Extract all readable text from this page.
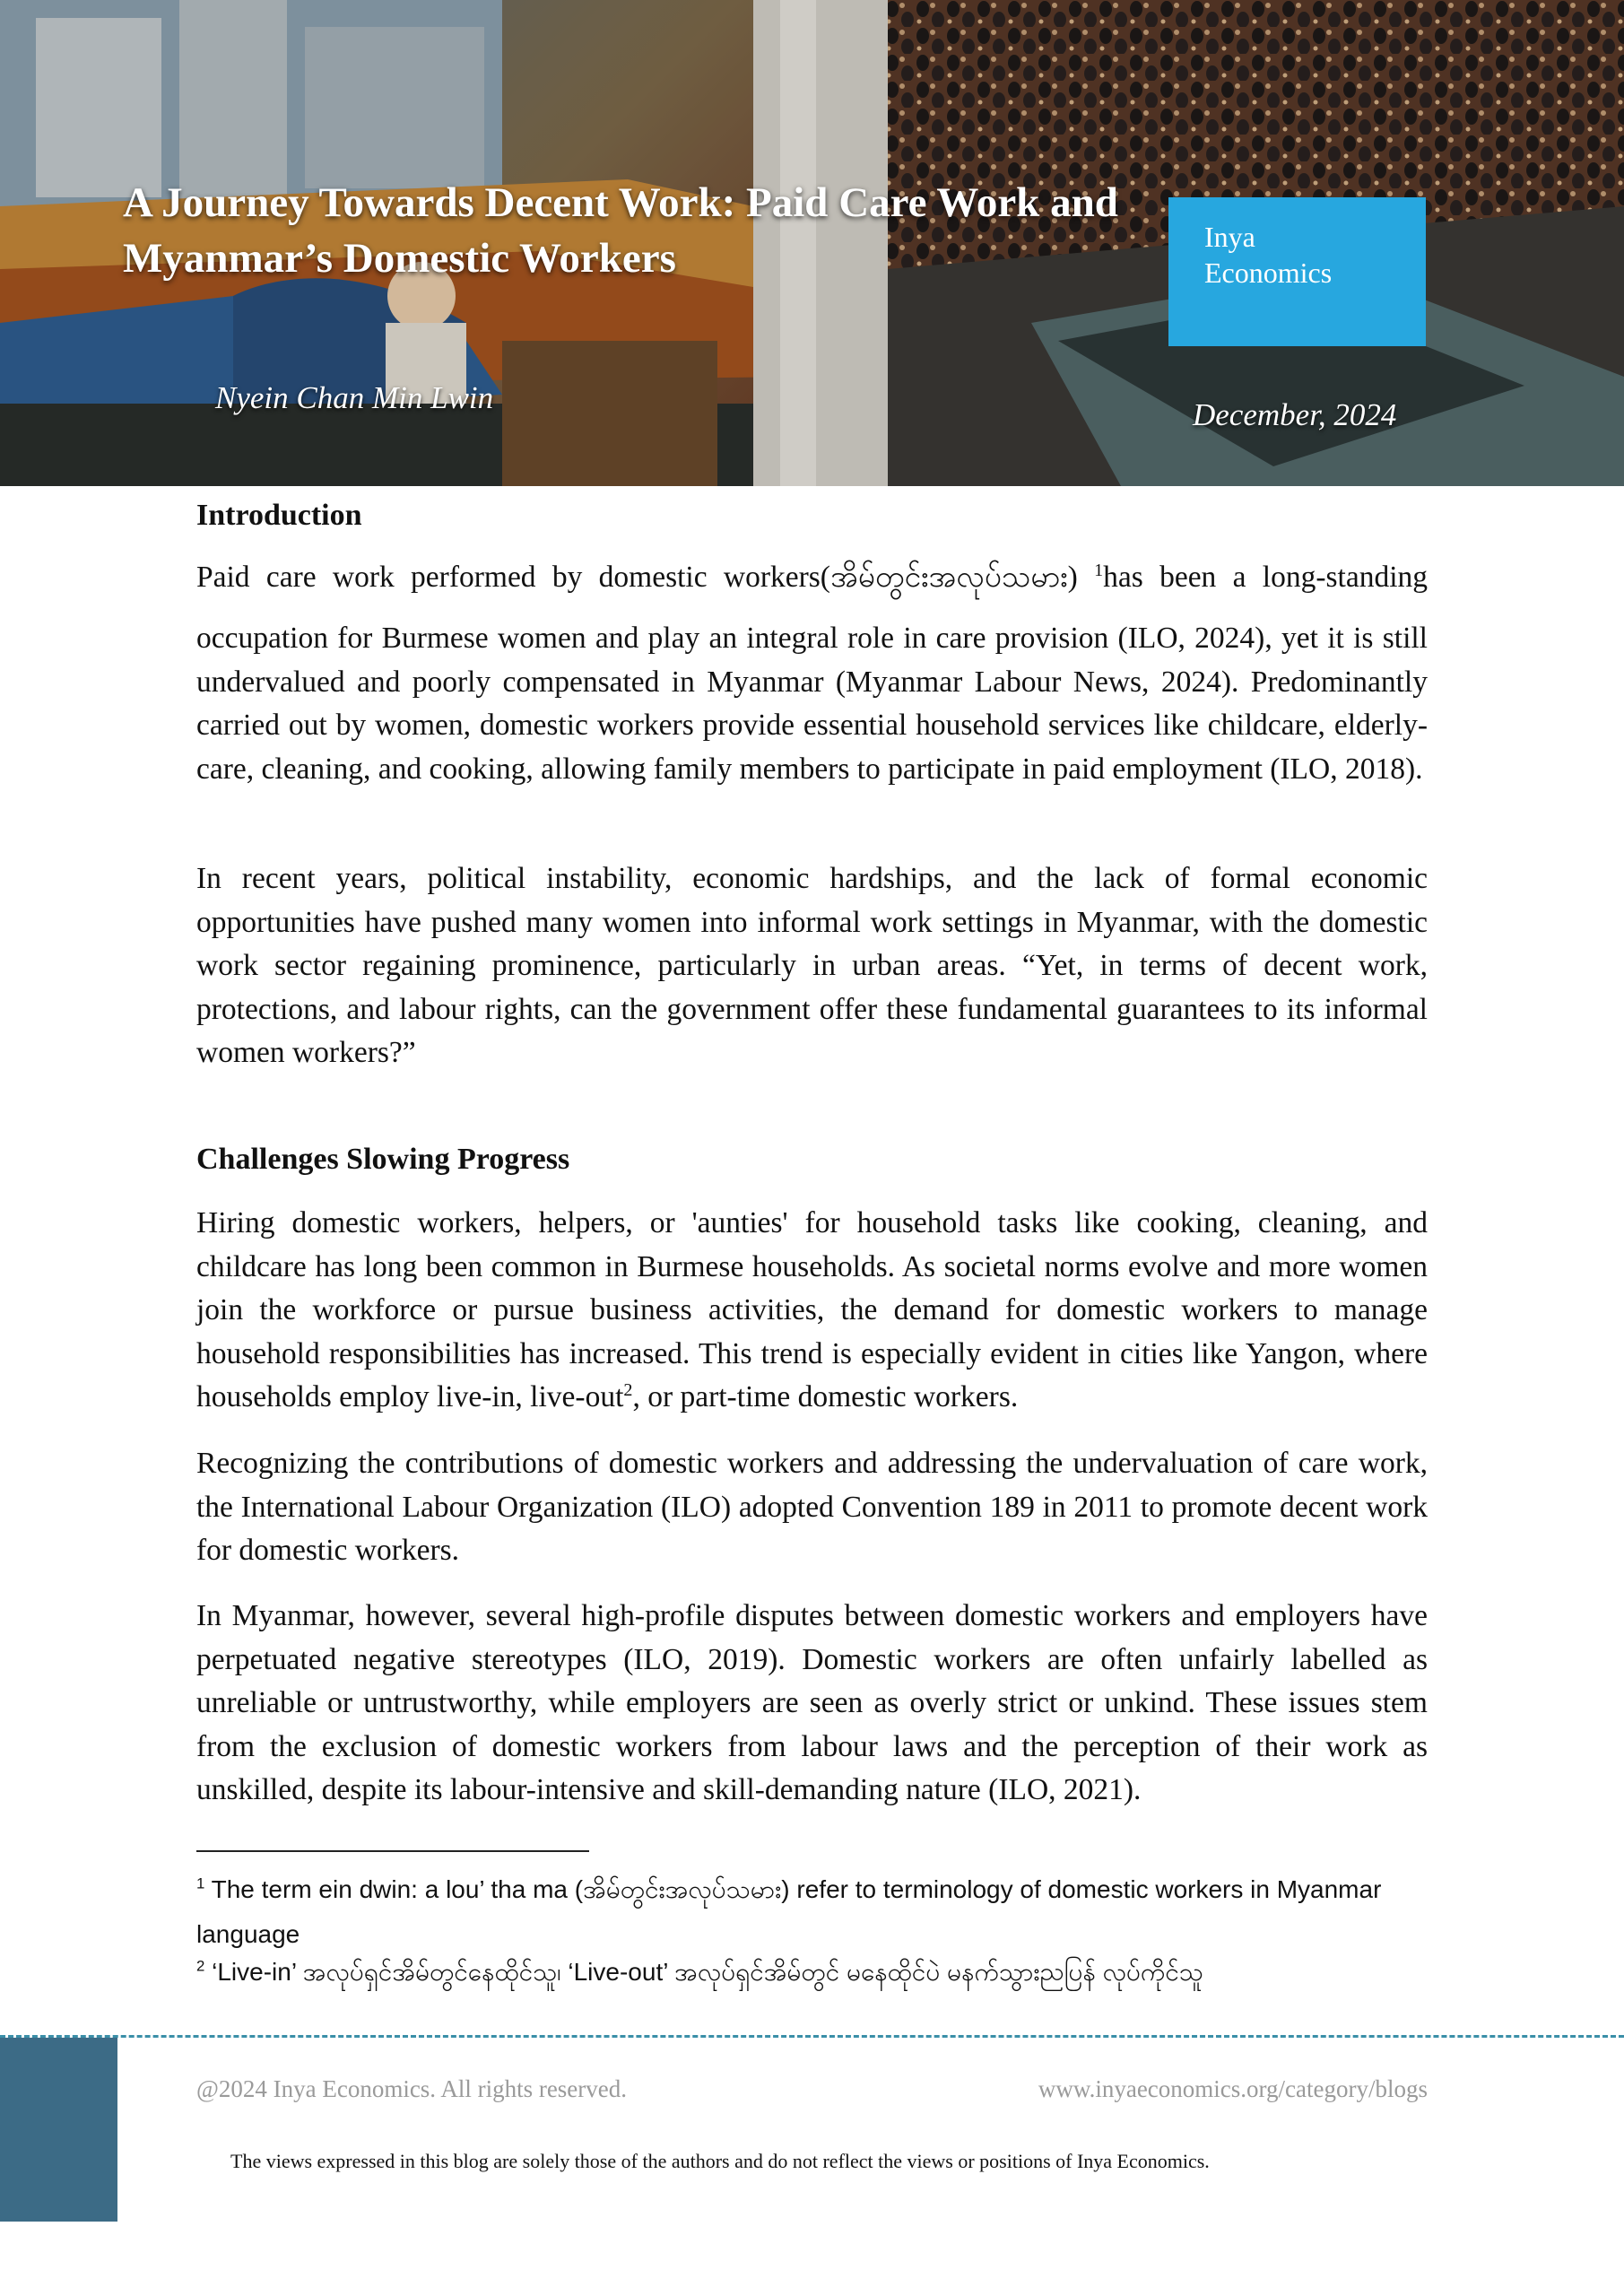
A Journey Towards Decent Work: Paid Care Work and
Myanmar’s Domestic Workers	Inya
Economics
Nyein Chan Min Lwin	December, 2024
Introduction

Paid care work performed by domestic workers(အိမ်တွင်းအလုပ်သမား) $^1$has been a long-standing

occupation for Burmese women and play an integral role in care provision (ILO, 2024), yet it is still undervalued and poorly compensated in Myanmar (Myanmar Labour News, 2024). Predominantly carried out by women, domestic workers provide essential household services like childcare, elderly-care, cleaning, and cooking, allowing family members to participate in paid employment (ILO, 2018).

In recent years, political instability, economic hardships, and the lack of formal economic opportunities have pushed many women into informal work settings in Myanmar, with the domestic work sector regaining prominence, particularly in urban areas. “Yet, in terms of decent work, protections, and labour rights, can the government offer these fundamental guarantees to its informal women workers?”

Challenges Slowing Progress

Hiring domestic workers, helpers, or 'aunties' for household tasks like cooking, cleaning, and childcare has long been common in Burmese households. As societal norms evolve and more women join the workforce or pursue business activities, the demand for domestic workers to manage household responsibilities has increased. This trend is especially evident in cities like Yangon, where households employ live-in, live-out$^2$, or part-time domestic workers.

Recognizing the contributions of domestic workers and addressing the undervaluation of care work, the International Labour Organization (ILO) adopted Convention 189 in 2011 to promote decent work for domestic workers.

In Myanmar, however, several high-profile disputes between domestic workers and employers have perpetuated negative stereotypes (ILO, 2019). Domestic workers are often unfairly labelled as unreliable or untrustworthy, while employers are seen as overly strict or unkind. These issues stem from the exclusion of domestic workers from labour laws and the perception of their work as unskilled, despite its labour-intensive and skill-demanding nature (ILO, 2021).

$^1$ The term ein dwin: a lou’ tha ma (အိမ်တွင်းအလုပ်သမား) refer to terminology of domestic workers in Myanmar language
$^2$ ‘Live-in’ အလုပ်ရှင်အိမ်တွင်နေထိုင်သူ၊ ‘Live-out’ အလုပ်ရှင်အိမ်တွင် မနေထိုင်ပဲ မနက်သွားညပြန် လုပ်ကိုင်သူ
@2024 Inya Economics. All rights reserved.	www.inyaeconomics.org/category/blogs
The views expressed in this blog are solely those of the authors and do not reflect the views or positions of Inya Economics.
